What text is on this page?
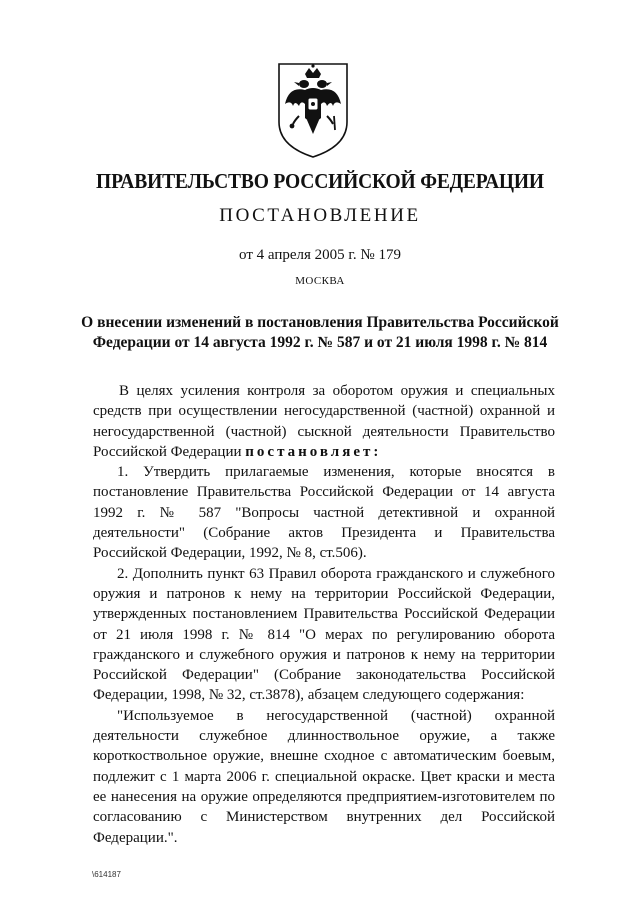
ПРАВИТЕЛЬСТВО РОССИЙСКОЙ ФЕДЕРАЦИИ
ПОСТАНОВЛЕНИЕ
от 4 апреля 2005 г. № 179
МОСКВА
О внесении изменений в постановления Правительства Российской Федерации от 14 августа 1992 г. № 587 и от 21 июля 1998 г. № 814

В целях усиления контроля за оборотом оружия и специальных средств при осуществлении негосударственной (частной) охранной и негосударственной (частной) сыскной деятельности Правительство Российской Федерации постановляет:

1. Утвердить прилагаемые изменения, которые вносятся в постановление Правительства Российской Федерации от 14 августа 1992 г. № 587 "Вопросы частной детективной и охранной деятельности" (Собрание актов Президента и Правительства Российской Федерации, 1992, № 8, ст.506).

2. Дополнить пункт 63 Правил оборота гражданского и служебного оружия и патронов к нему на территории Российской Федерации, утвержденных постановлением Правительства Российской Федерации от 21 июля 1998 г. № 814 "О мерах по регулированию оборота гражданского и служебного оружия и патронов к нему на территории Российской Федерации" (Собрание законодательства Российской Федерации, 1998, № 32, ст.3878), абзацем следующего содержания:

"Используемое в негосударственной (частной) охранной деятельности служебное длинноствольное оружие, а также короткоствольное оружие, внешне сходное с автоматическим боевым, подлежит с 1 марта 2006 г. специальной окраске. Цвет краски и места ее нанесения на оружие определяются предприятием-изготовителем по согласованию с Министерством внутренних дел Российской Федерации.".

\614187
